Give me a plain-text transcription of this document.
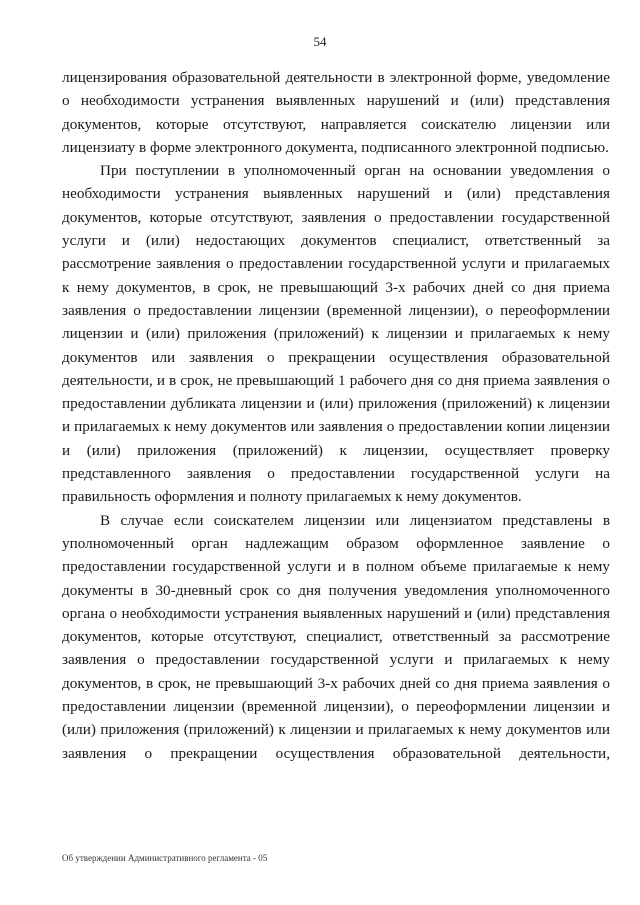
54

лицензирования образовательной деятельности в электронной форме, уведомление о необходимости устранения выявленных нарушений и (или) представления документов, которые отсутствуют, направляется соискателю лицензии или лицензиату в форме электронного документа, подписанного электронной подписью.

При поступлении в уполномоченный орган на основании уведомления о необходимости устранения выявленных нарушений и (или) представления документов, которые отсутствуют, заявления о предоставлении государственной услуги и (или) недостающих документов специалист, ответственный за рассмотрение заявления о предоставлении государственной услуги и прилагаемых к нему документов, в срок, не превышающий 3-х рабочих дней со дня приема заявления о предоставлении лицензии (временной лицензии), о переоформлении лицензии и (или) приложения (приложений) к лицензии и прилагаемых к нему документов или заявления о прекращении осуществления образовательной деятельности, и в срок, не превышающий 1 рабочего дня со дня приема заявления о предоставлении дубликата лицензии и (или) приложения (приложений) к лицензии и прилагаемых к нему документов или заявления о предоставлении копии лицензии и (или) приложения (приложений) к лицензии, осуществляет проверку представленного заявления о предоставлении государственной услуги на правильность оформления и полноту прилагаемых к нему документов.

В случае если соискателем лицензии или лицензиатом представлены в уполномоченный орган надлежащим образом оформленное заявление о предоставлении государственной услуги и в полном объеме прилагаемые к нему документы в 30-дневный срок со дня получения уведомления уполномоченного органа о необходимости устранения выявленных нарушений и (или) представления документов, которые отсутствуют, специалист, ответственный за рассмотрение заявления о предоставлении государственной услуги и прилагаемых к нему документов, в срок, не превышающий 3-х рабочих дней со дня приема заявления о предоставлении лицензии (временной лицензии), о переоформлении лицензии и (или) приложения (приложений) к лицензии и прилагаемых к нему документов или заявления о прекращении осуществления образовательной деятельности,

Об утверждении Административного регламента - 05
